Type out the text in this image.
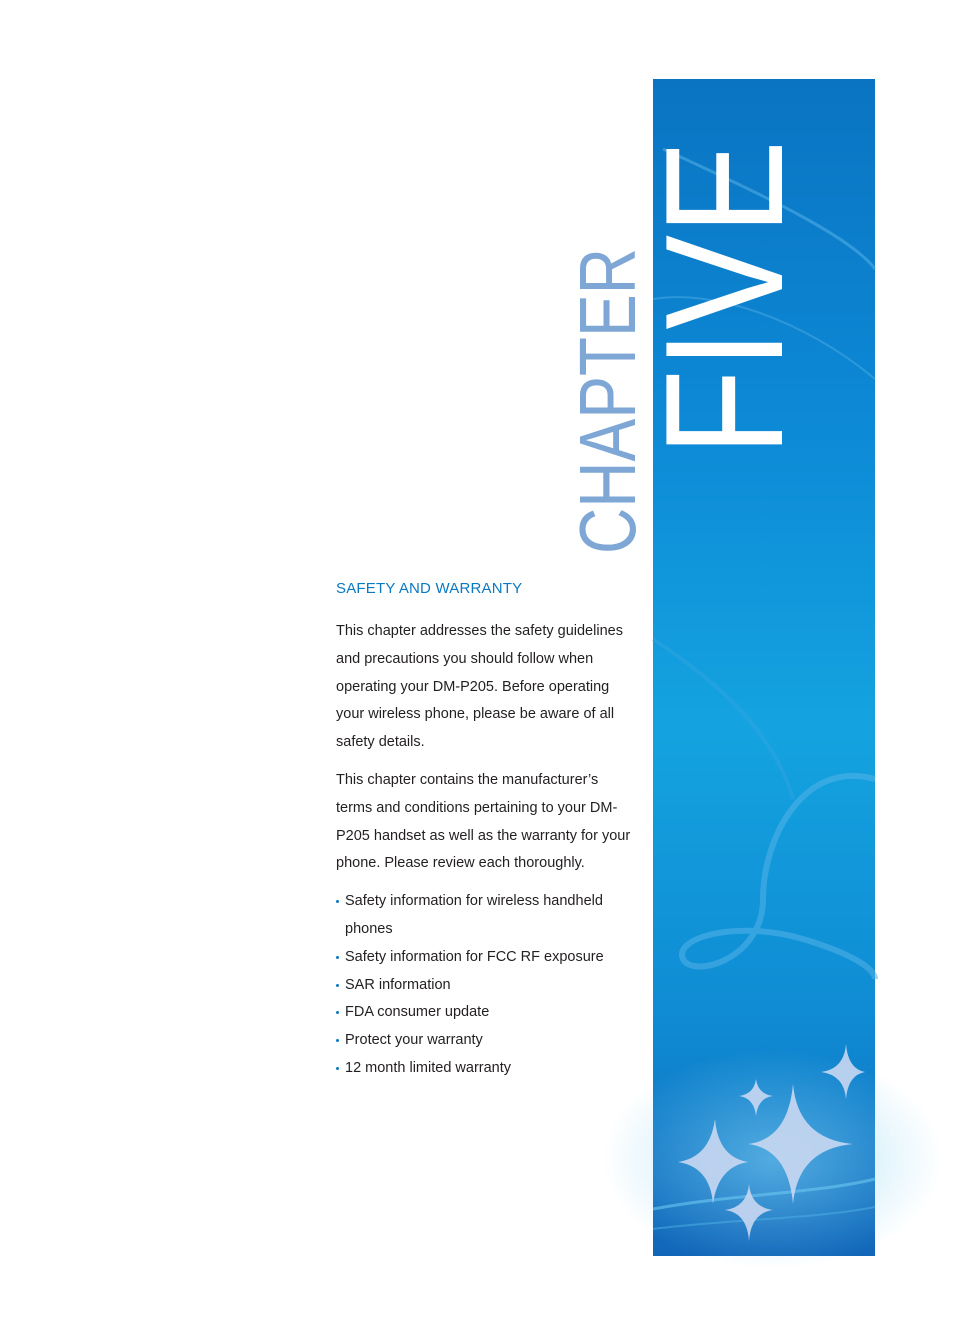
CHAPTER
FIVE
SAFETY AND WARRANTY

This chapter addresses the safety guidelines and precautions you should follow when operating your DM-P205. Before operating your wireless phone, please be aware of all safety details.

This chapter contains the manufacturer’s terms and conditions pertaining to your DM-P205 handset as well as the warranty for your phone. Please review each thoroughly.

Safety information for wireless handheld phones
Safety information for FCC RF exposure
SAR information
FDA consumer update
Protect your warranty
12 month limited warranty
